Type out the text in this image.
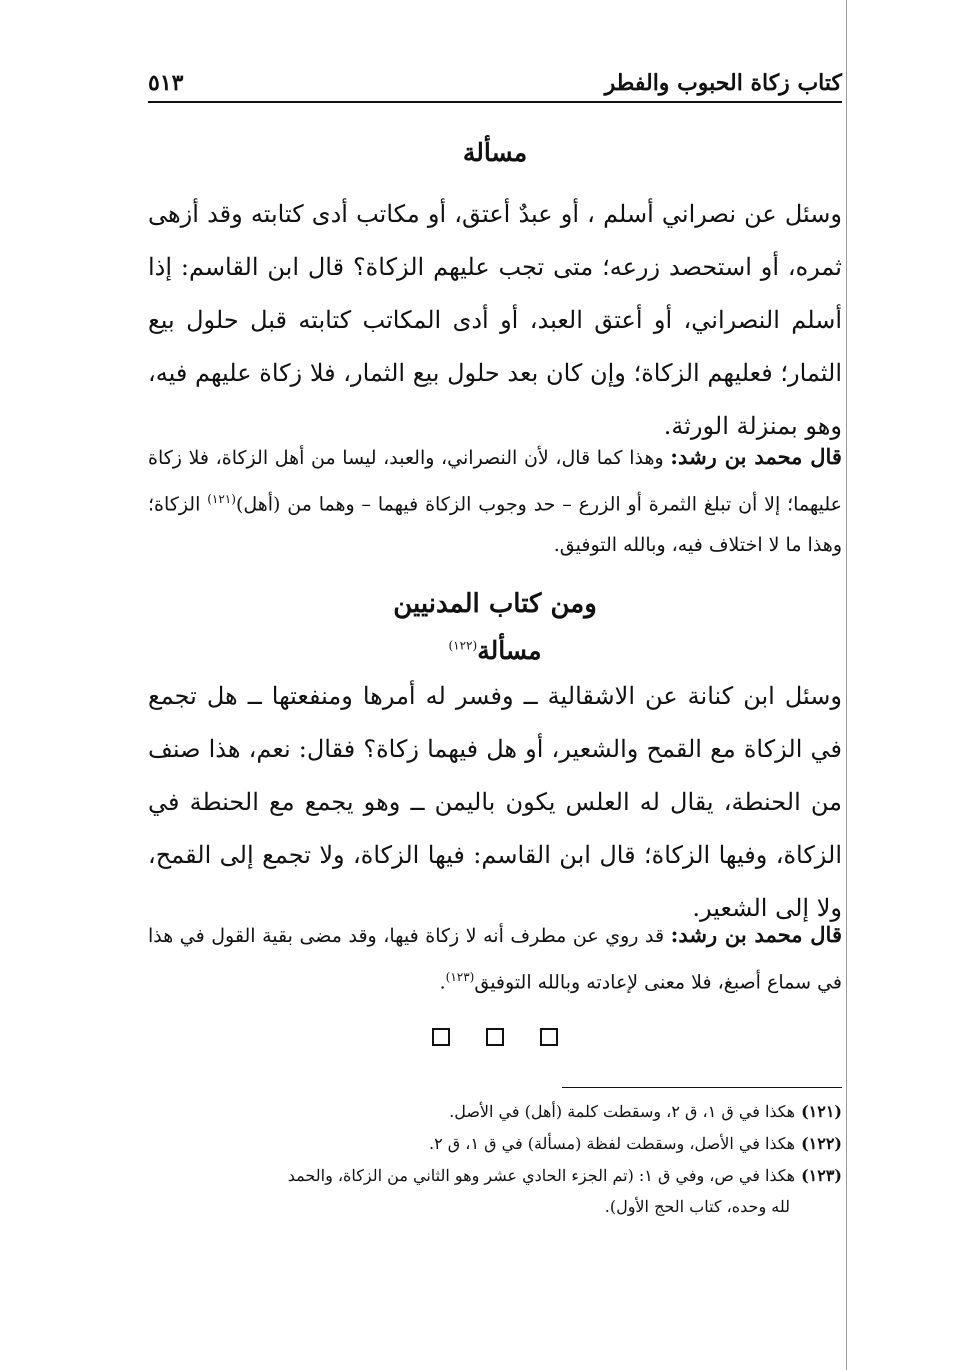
كتاب زكاة الحبوب والفطر
٥١٣
مسألة

وسئل عن نصراني أسلم ، أو عبدٌ أعتق، أو مكاتب أدى كتابته وقد أزهى ثمره، أو استحصد زرعه؛ متى تجب عليهم الزكاة؟ قال ابن القاسم: إذا أسلم النصراني، أو أعتق العبد، أو أدى المكاتب كتابته قبل حلول بيع الثمار؛ فعليهم الزكاة؛ وإن كان بعد حلول بيع الثمار، فلا زكاة عليهم فيه، وهو بمنزلة الورثة.

قال محمد بن رشد: وهذا كما قال، لأن النصراني، والعبد، ليسا من أهل الزكاة، فلا زكاة عليهما؛ إلا أن تبلغ الثمرة أو الزرع – حد وجوب الزكاة فيهما – وهما من (أهل)$^{(١٢١)}$ الزكاة؛ وهذا ما لا اختلاف فيه، وبالله التوفيق.

ومن كتاب المدنيين
مسألة$^{(١٢٢)}$

وسئل ابن كنانة عن الاشقالية ــ وفسر له أمرها ومنفعتها ــ هل تجمع في الزكاة مع القمح والشعير، أو هل فيهما زكاة؟ فقال: نعم، هذا صنف من الحنطة، يقال له العلس يكون باليمن ــ وهو يجمع مع الحنطة في الزكاة، وفيها الزكاة؛ قال ابن القاسم: فيها الزكاة، ولا تجمع إلى القمح، ولا إلى الشعير.

قال محمد بن رشد: قد روي عن مطرف أنه لا زكاة فيها، وقد مضى بقية القول في هذا في سماع أصبغ، فلا معنى لإعادته وبالله التوفيق$^{(١٢٣)}$.

(١٢١)هكذا في ق ١، ق ٢، وسقطت كلمة (أهل) في الأصل.

(١٢٢)هكذا في الأصل، وسقطت لفظة (مسألة) في ق ١، ق ٢.

(١٢٣)هكذا في ص، وفي ق ١: (تم الجزء الحادي عشر وهو الثاني من الزكاة، والحمد

لله وحده، كتاب الحج الأول).
